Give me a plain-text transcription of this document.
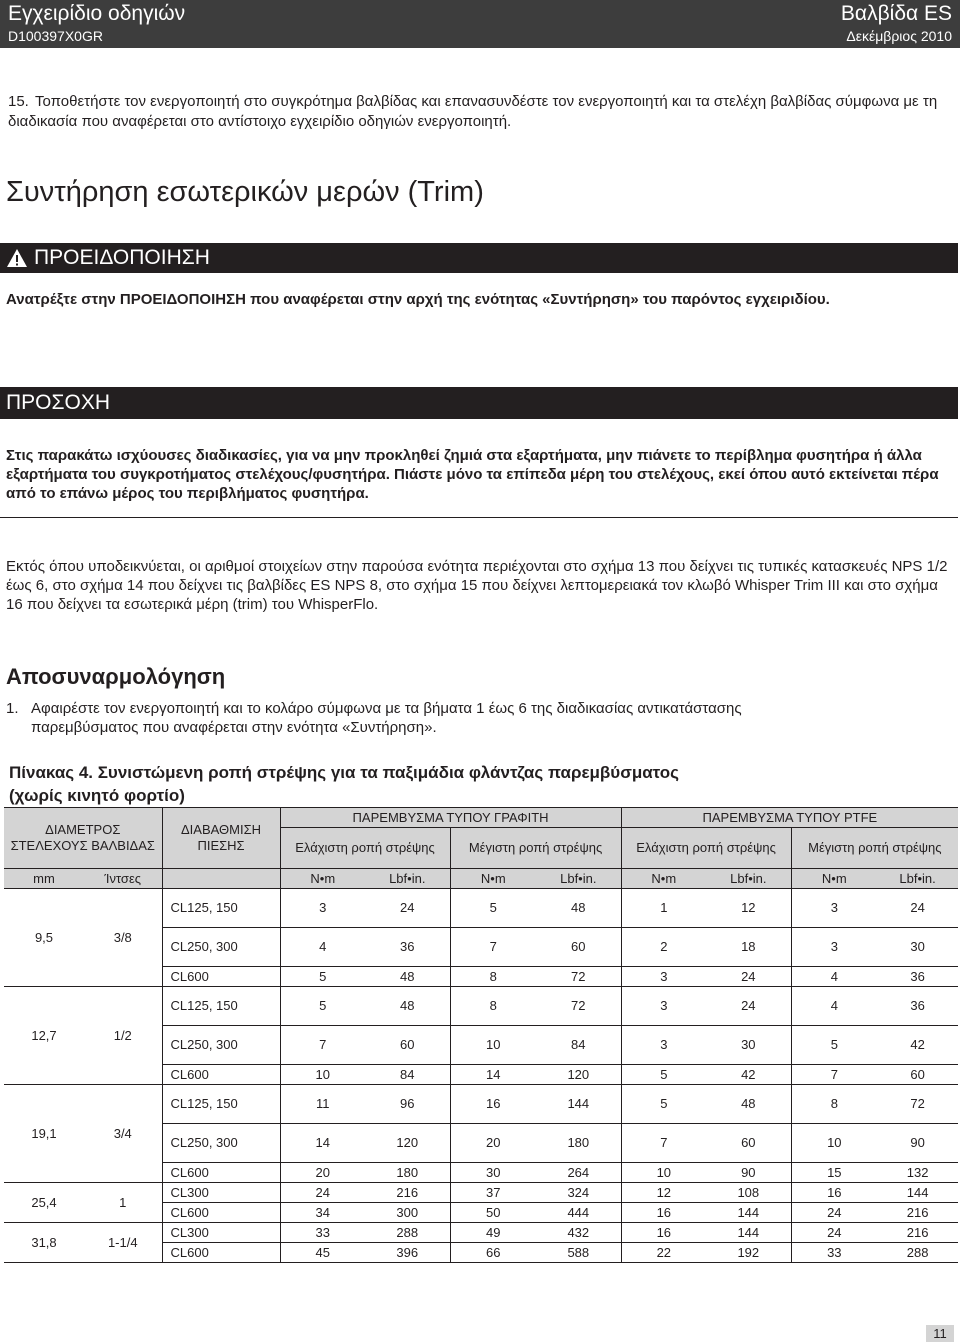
Εγχειρίδιο οδηγιών
D100397X0GR
Βαλβίδα ES
Δεκέμβριος 2010
15. Τοποθετήστε τον ενεργοποιητή στο συγκρότημα βαλβίδας και επανασυνδέστε τον ενεργοποιητή και τα στελέχη βαλβίδας σύμφωνα με τη διαδικασία που αναφέρεται στο αντίστοιχο εγχειρίδιο οδηγιών ενεργοποιητή.
Συντήρηση εσωτερικών μερών (Trim)
ΠΡΟΕΙΔΟΠΟΙΗΣΗ
Ανατρέξτε στην ΠΡΟΕΙΔΟΠΟΙΗΣΗ που αναφέρεται στην αρχή της ενότητας «Συντήρηση» του παρόντος εγχειριδίου.
ΠΡΟΣΟΧΗ
Στις παρακάτω ισχύουσες διαδικασίες, για να μην προκληθεί ζημιά στα εξαρτήματα, μην πιάνετε το περίβλημα φυσητήρα ή άλλα εξαρτήματα του συγκροτήματος στελέχους/φυσητήρα. Πιάστε μόνο τα επίπεδα μέρη του στελέχους, εκεί όπου αυτό εκτείνεται πέρα από το επάνω μέρος του περιβλήματος φυσητήρα.
Εκτός όπου υποδεικνύεται, οι αριθμοί στοιχείων στην παρούσα ενότητα περιέχονται στο σχήμα 13 που δείχνει τις τυπικές κατασκευές NPS 1/2 έως 6, στο σχήμα 14 που δείχνει τις βαλβίδες ES NPS 8, στο σχήμα 15 που δείχνει λεπτομερειακά τον κλωβό Whisper Trim III και στο σχήμα 16 που δείχνει τα εσωτερικά μέρη (trim) του WhisperFlo.
Αποσυναρμολόγηση
1. Αφαιρέστε τον ενεργοποιητή και το κολάρο σύμφωνα με τα βήματα 1 έως 6 της διαδικασίας αντικατάστασης
παρεμβύσματος που αναφέρεται στην ενότητα «Συντήρηση».
Πίνακας 4. Συνιστώμενη ροπή στρέψης για τα παξιμάδια φλάντζας παρεμβύσματος
(χωρίς κινητό φορτίο)
ΔΙΑΜΕΤΡΟΣ ΣΤΕΛΕΧΟΥΣ ΒΑΛΒΙΔΑΣ		ΔΙΑΒΑΘΜΙΣΗ ΠΙΕΣΗΣ	ΠΑΡΕΜΒΥΣΜΑ ΤΥΠΟΥ ΓΡΑΦΙΤΗ				ΠΑΡΕΜΒΥΣΜΑ ΤΥΠΟΥ PTFE			
			Ελάχιστη ροπή στρέψης		Μέγιστη ροπή στρέψης		Ελάχιστη ροπή στρέψης		Μέγιστη ροπή στρέψης	
mm	Ίντσες		N•m	Lbf•in.	N•m	Lbf•in.	N•m	Lbf•in.	N•m	Lbf•in.
9,5	3/8	CL125, 150	3	24	5	48	1	12	3	24
		CL250, 300	4	36	7	60	2	18	3	30
		CL600	5	48	8	72	3	24	4	36
12,7	1/2	CL125, 150	5	48	8	72	3	24	4	36
		CL250, 300	7	60	10	84	3	30	5	42
		CL600	10	84	14	120	5	42	7	60
19,1	3/4	CL125, 150	11	96	16	144	5	48	8	72
		CL250, 300	14	120	20	180	7	60	10	90
		CL600	20	180	30	264	10	90	15	132
25,4	1	CL300	24	216	37	324	12	108	16	144
		CL600	34	300	50	444	16	144	24	216
31,8	1-1/4	CL300	33	288	49	432	16	144	24	216
		CL600	45	396	66	588	22	192	33	288
11
